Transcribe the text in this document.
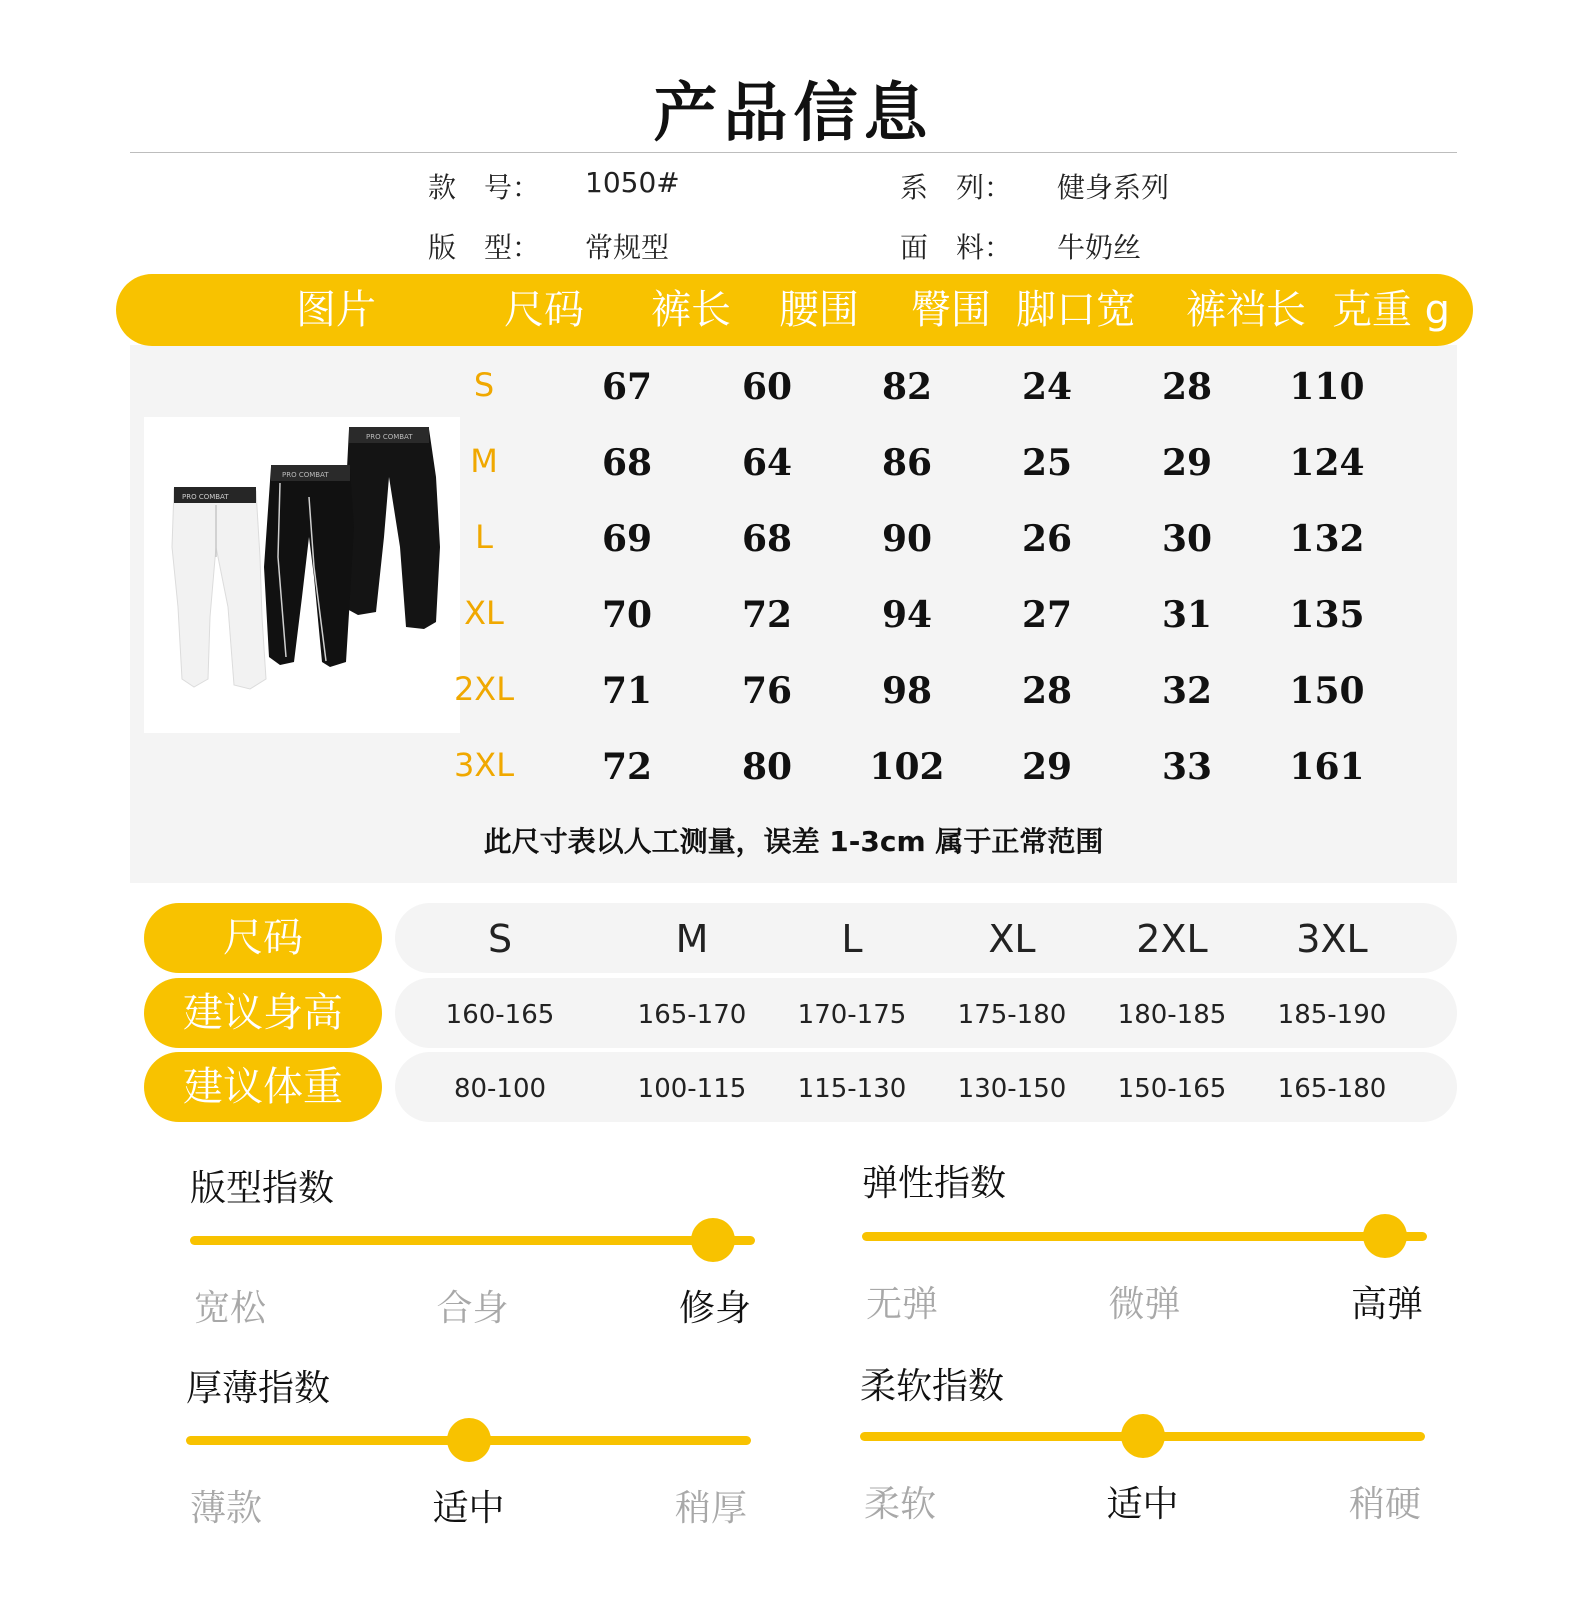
产品信息
款　号： 1050#	系　列： 健身系列
版　型： 常规型	面　料： 牛奶丝
图片	尺码	裤长	腰围	臀围 脚口宽	裤裆长 克重 g
PRO COMBAT
PRO COMBAT
PRO COMBAT
S	67	60	82	24	28	110
M	68	64	86	25	29	124
L	69	68	90	26	30	132
XL	70	72	94	27	31	135
2XL	71	76	98	28	32	150
3XL	72	80	102	29	33	161
此尺寸表以人工测量，误差 1-3cm 属于正常范围
尺码
建议身高
建议体重
S	M	L	XL	2XL	3XL
160-165	165-170	170-175	175-180	180-185	185-190
80-100	100-115	115-130	130-150	150-165	165-180
版型指数
宽松	合身	修身
弹性指数
无弹	微弹	高弹
厚薄指数
薄款	适中	稍厚
柔软指数
柔软	适中	稍硬
